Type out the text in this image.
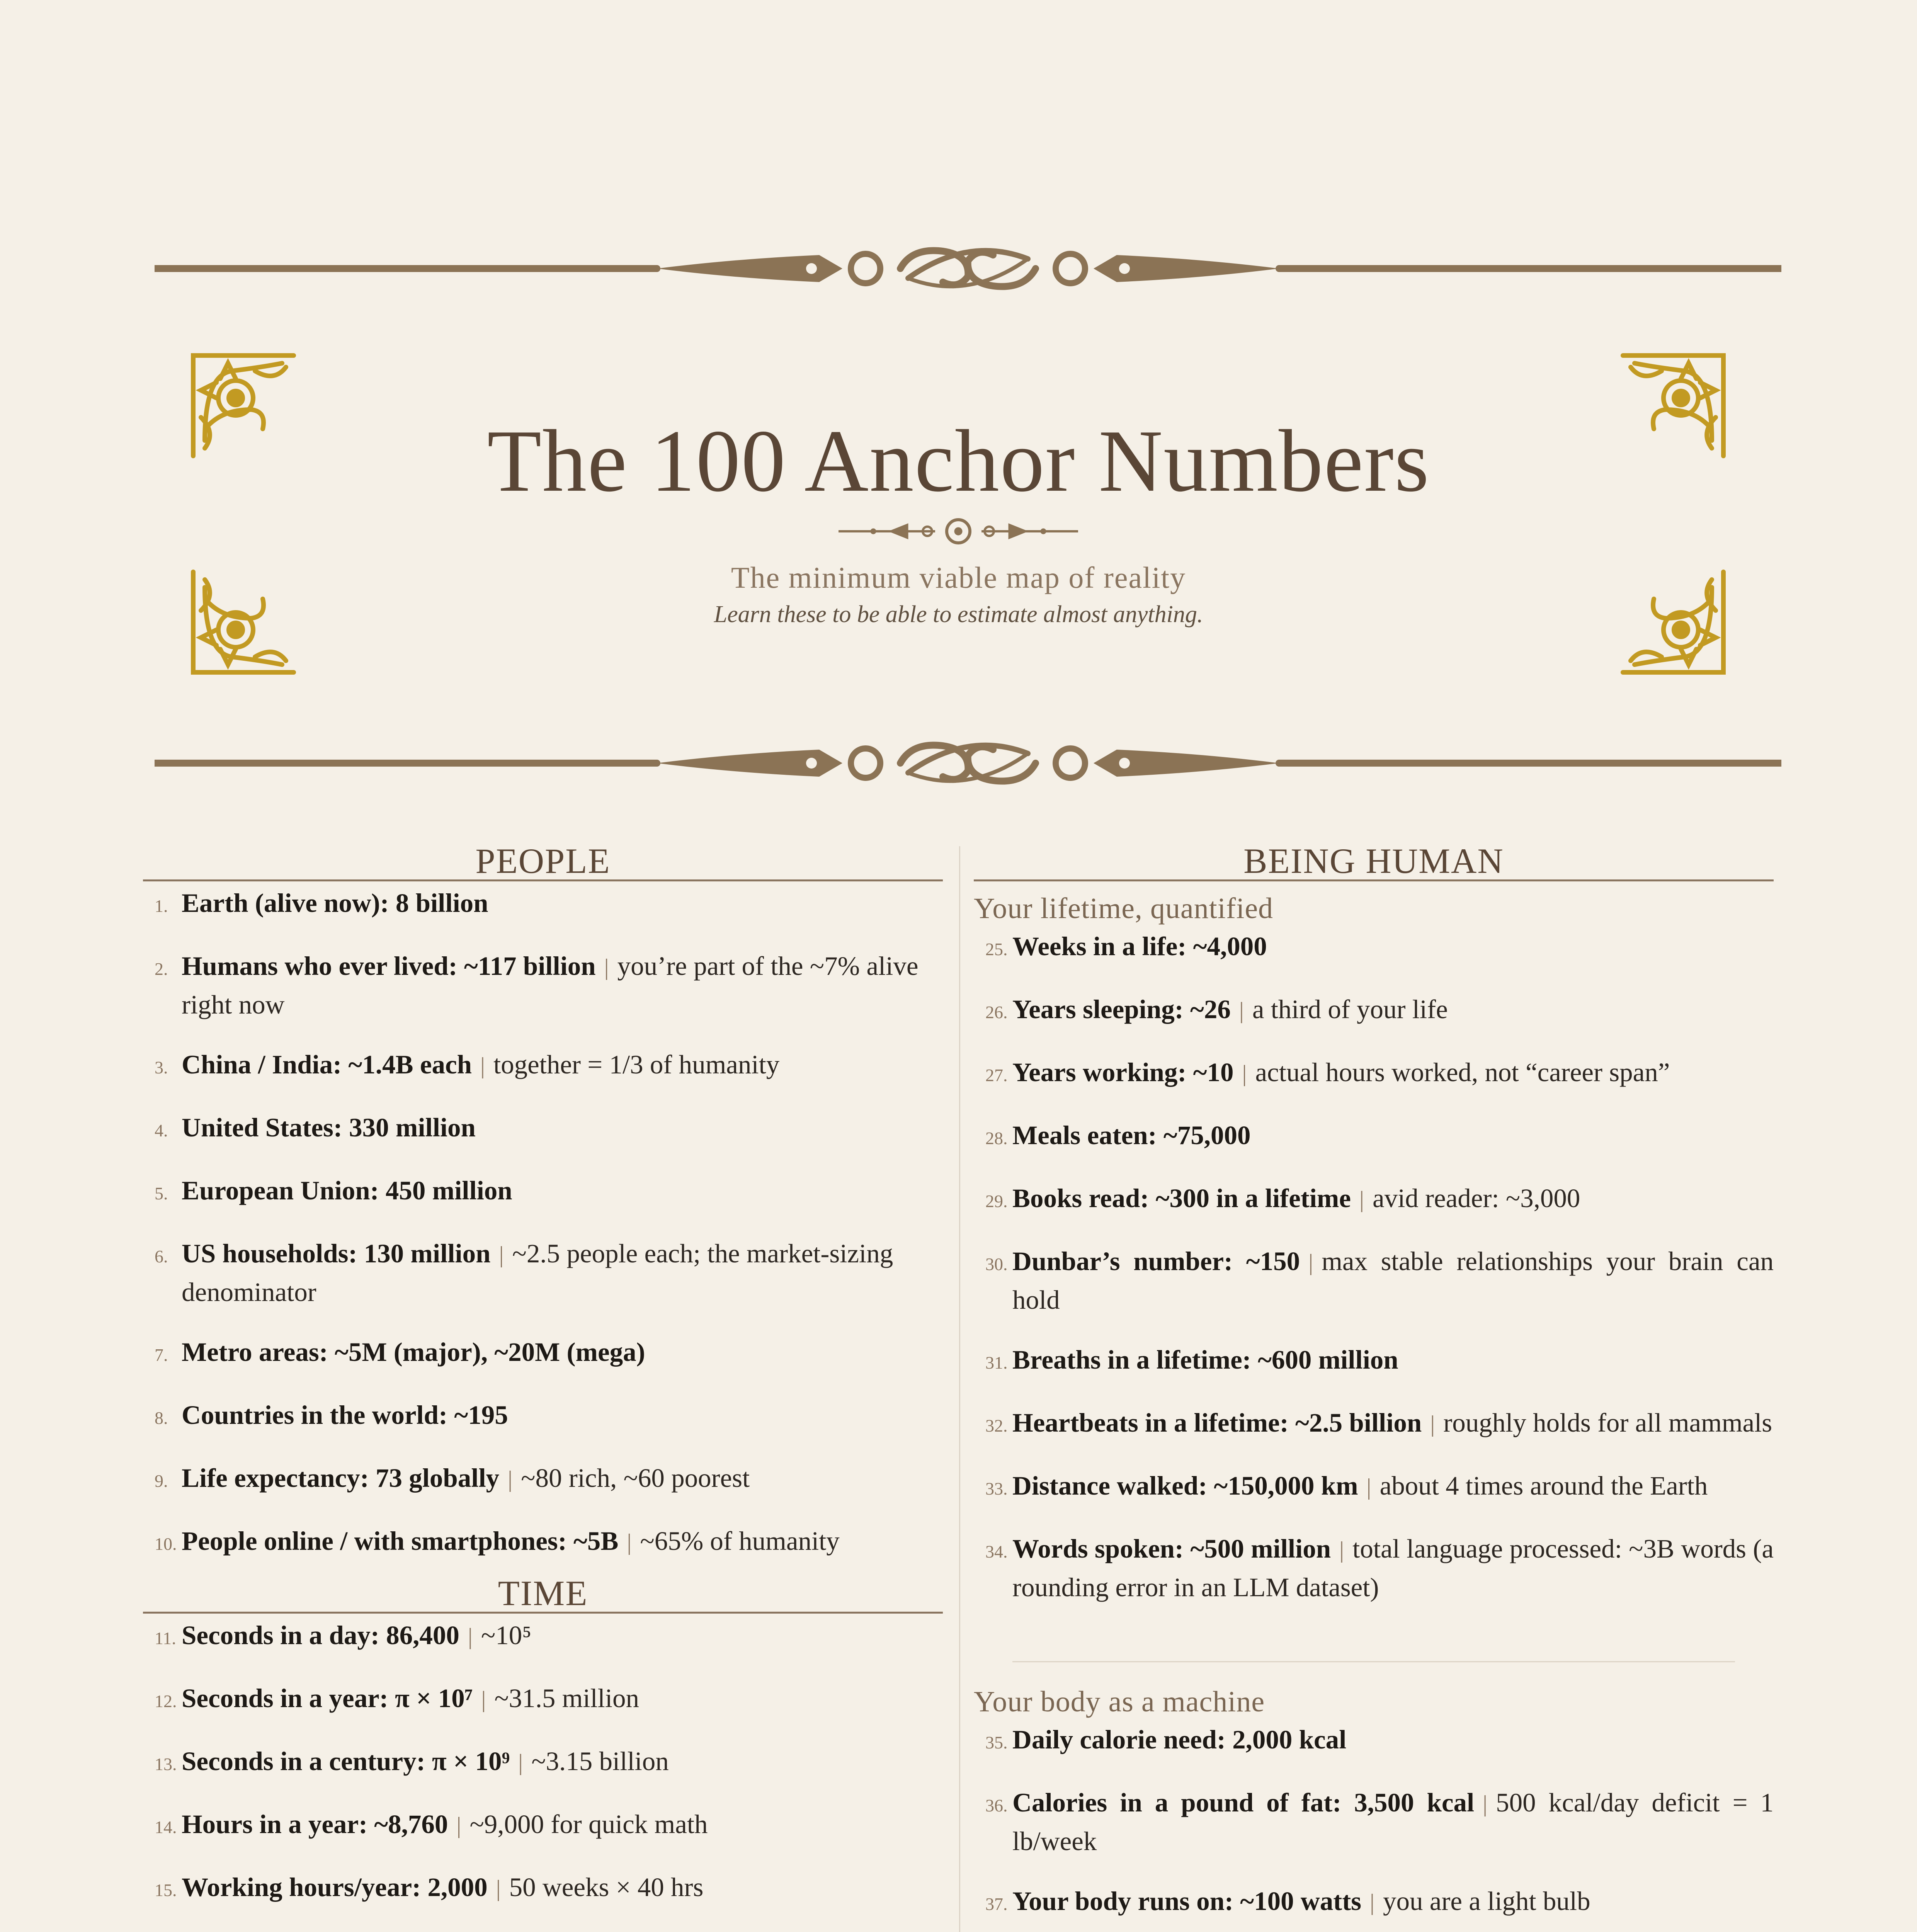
The 100 Anchor Numbers
The minimum viable map of reality
Learn these to be able to estimate almost anything.
PEOPLE
1. Earth (alive now): 8 billion
2. Humans who ever lived: ~117 billion | you’re part of the ~7% alive right now
3. China / India: ~1.4B each | together = 1/3 of humanity
4. United States: 330 million
5. European Union: 450 million
6. US households: 130 million | ~2.5 people each; the market-sizing denominator
7. Metro areas: ~5M (major), ~20M (mega)
8. Countries in the world: ~195
9. Life expectancy: 73 globally | ~80 rich, ~60 poorest
10. People online / with smartphones: ~5B | ~65% of humanity
TIME
11. Seconds in a day: 86,400 | ~10⁵
12. Seconds in a year: π × 10⁷ | ~31.5 million
13. Seconds in a century: π × 10⁹ | ~3.15 billion
14. Hours in a year: ~8,760 | ~9,000 for quick math
15. Working hours/year: 2,000 | 50 weeks × 40 hrs
BEING HUMAN
Your lifetime, quantified
25. Weeks in a life: ~4,000
26. Years sleeping: ~26 | a third of your life
27. Years working: ~10 | actual hours worked, not “career span”
28. Meals eaten: ~75,000
29. Books read: ~300 in a lifetime | avid reader: ~3,000
30. Dunbar’s number: ~150 | max stable relationships your brain can hold
31. Breaths in a lifetime: ~600 million
32. Heartbeats in a lifetime: ~2.5 billion | roughly holds for all mammals
33. Distance walked: ~150,000 km | about 4 times around the Earth
34. Words spoken: ~500 million | total language processed: ~3B words (a rounding error in an LLM dataset)
Your body as a machine
35. Daily calorie need: 2,000 kcal
36. Calories in a pound of fat: 3,500 kcal | 500 kcal/day deficit = 1 lb/week
37. Your body runs on: ~100 watts | you are a light bulb
